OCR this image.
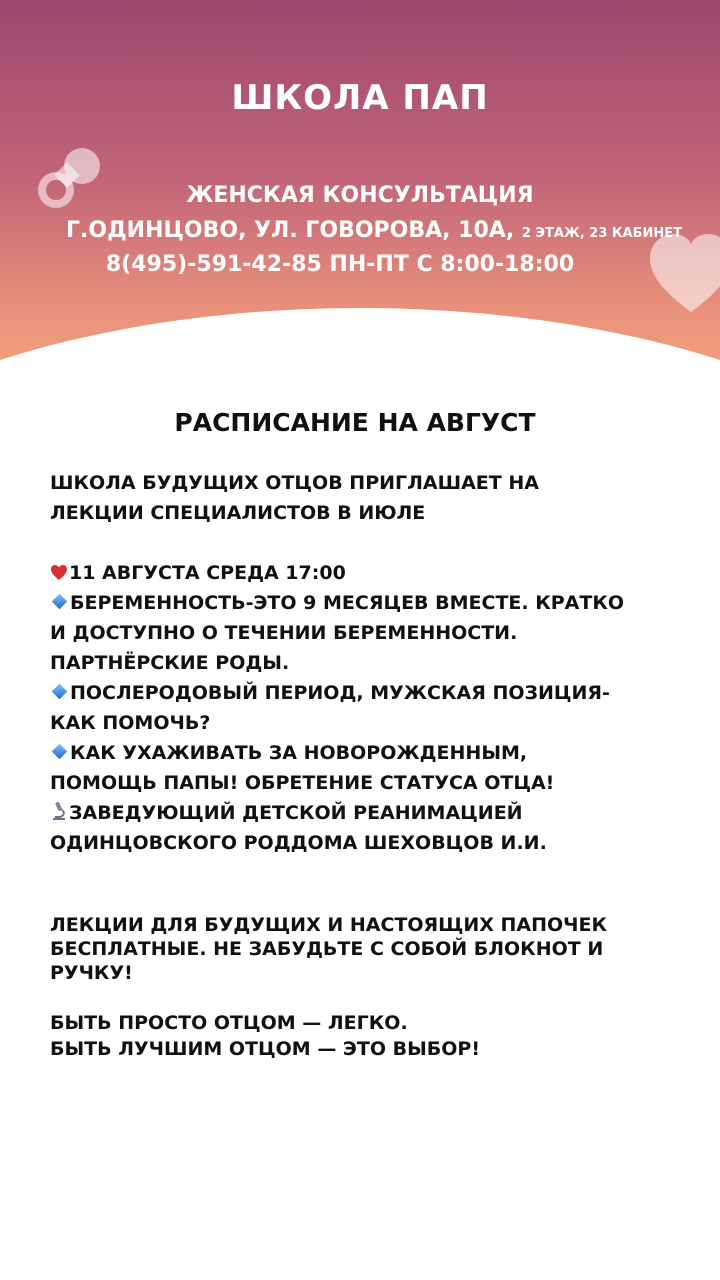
ШКОЛА ПАП
ЖЕНСКАЯ КОНСУЛЬТАЦИЯ
Г.ОДИНЦОВО, УЛ. ГОВОРОВА, 10А, 2 ЭТАЖ, 23 КАБИНЕТ
8(495)-591-42-85 ПН-ПТ С 8:00-18:00
РАСПИСАНИЕ НА АВГУСТ
ШКОЛА БУДУЩИХ ОТЦОВ ПРИГЛАШАЕТ НА
ЛЕКЦИИ СПЕЦИАЛИСТОВ В ИЮЛЕ
11 АВГУСТА СРЕДА 17:00
БЕРЕМЕННОСТЬ-ЭТО 9 МЕСЯЦЕВ ВМЕСТЕ. КРАТКО
И ДОСТУПНО О ТЕЧЕНИИ БЕРЕМЕННОСТИ.
ПАРТНЁРСКИЕ РОДЫ.
ПОСЛЕРОДОВЫЙ ПЕРИОД, МУЖСКАЯ ПОЗИЦИЯ-
КАК ПОМОЧЬ?
КАК УХАЖИВАТЬ ЗА НОВОРОЖДЕННЫМ,
ПОМОЩЬ ПАПЫ! ОБРЕТЕНИЕ СТАТУСА ОТЦА!
ЗАВЕДУЮЩИЙ ДЕТСКОЙ РЕАНИМАЦИЕЙ
ОДИНЦОВСКОГО РОДДОМА ШЕХОВЦОВ И.И.
ЛЕКЦИИ ДЛЯ БУДУЩИХ И НАСТОЯЩИХ ПАПОЧЕК
БЕСПЛАТНЫЕ. НЕ ЗАБУДЬТЕ С СОБОЙ БЛОКНОТ И
РУЧКУ!
БЫТЬ ПРОСТО ОТЦОМ — ЛЕГКО.
БЫТЬ ЛУЧШИМ ОТЦОМ — ЭТО ВЫБОР!
